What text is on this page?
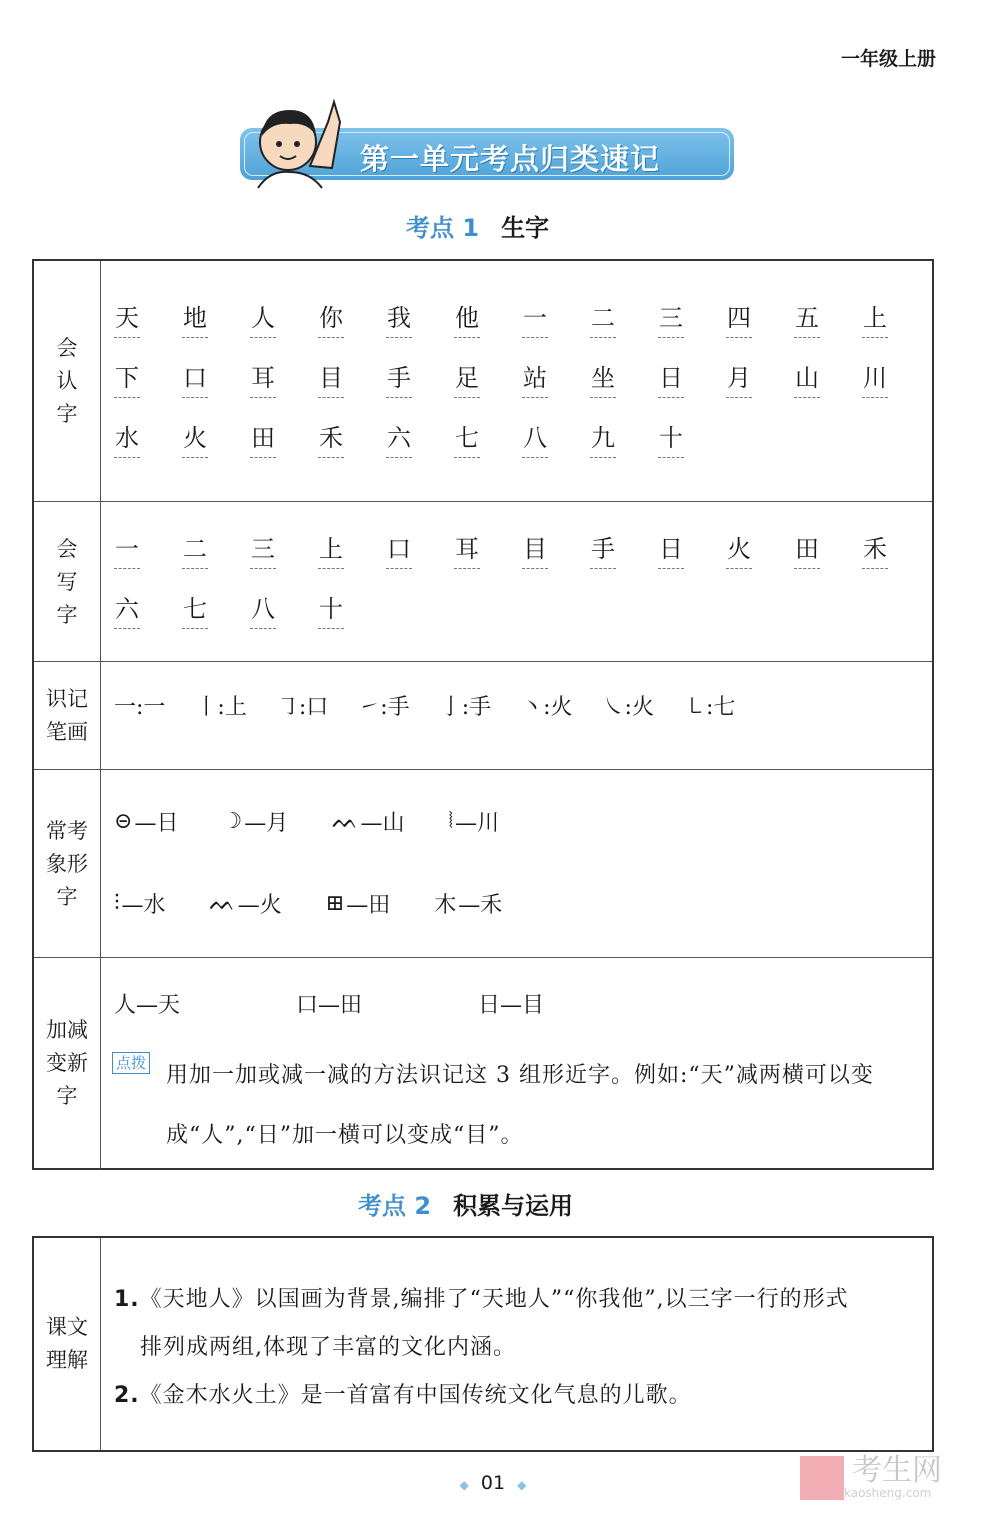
一年级上册
第一单元考点归类速记
考点 1 生字
会
认
字
天	地	人	你	我	他	一	二	三	四	五	上
下	口	耳	目	手	足	站	坐	日	月	山	川
水	火	田	禾	六	七	八	九	十
会
写
字
一	二	三	上	口	耳	目	手	日	火	田	禾
六	七	八	十
识记
笔画
一:一 丨:上 ㇆:口 ㇀:手 亅:手 丶:火 ㇏:火 ㇄:七
常考
象形
字
⊝ —日 ☽ —月 ᨓ —山 ⦚ —川
⫶ —水 ᨓ —火 ⊞ —田 ⽊ —禾
加减
变新
字
人—天	口—田	日—目
点拨 用加一加或减一减的方法识记这 3 组形近字。例如:“天”减两横可以变成“人”,“日”加一横可以变成“目”。
考点 2 积累与运用
课文
理解
1.《天地人》以国画为背景,编排了“天地人”“你我他”,以三字一行的形式
排列成两组,体现了丰富的文化内涵。
2.《金木水火土》是一首富有中国传统文化气息的儿歌。
◆ 01 ◆	考生网
kaosheng.com
